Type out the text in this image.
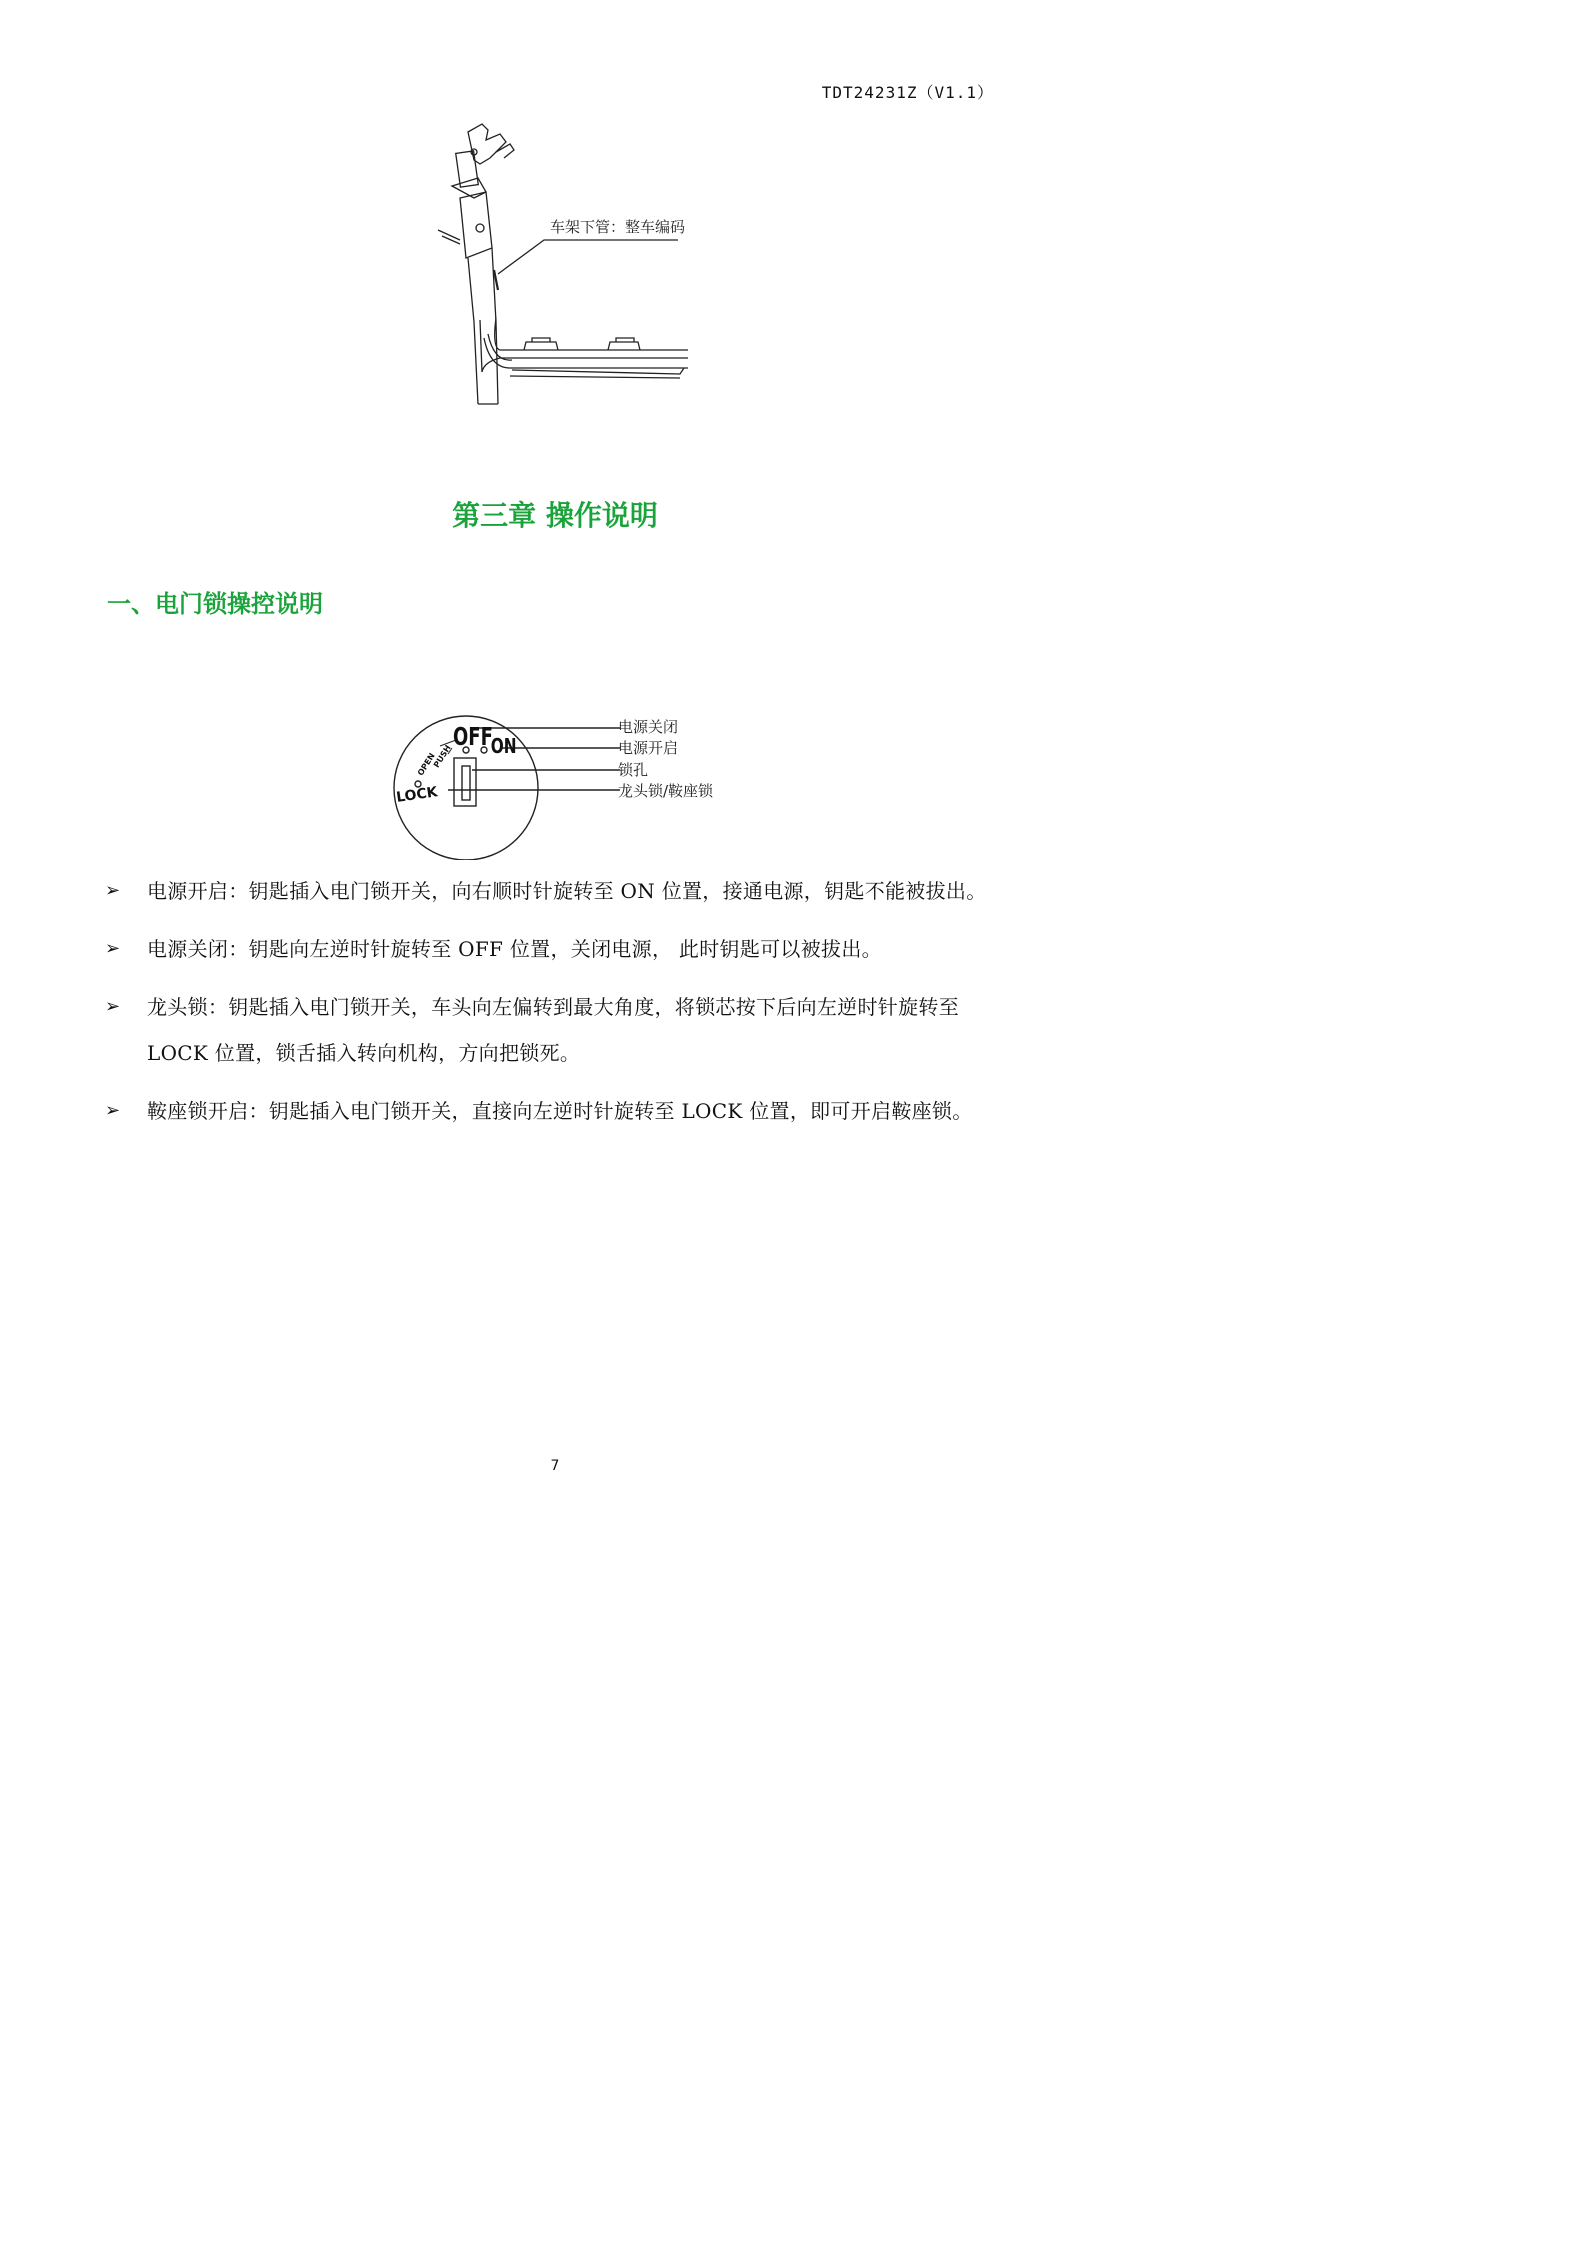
TDT24231Z（V1.1）
车架下管：整车编码
第三章 操作说明
一、电门锁操控说明
OFF
ON
LOCK
OPEN
PUSH
电源关闭
电源开启
锁孔
龙头锁/鞍座锁
➢	电源开启：钥匙插入电门锁开关，向右顺时针旋转至 ON 位置，接通电源，钥匙不能被拔出。
➢	电源关闭：钥匙向左逆时针旋转至 OFF 位置，关闭电源， 此时钥匙可以被拔出。
➢	龙头锁：钥匙插入电门锁开关，车头向左偏转到最大角度，将锁芯按下后向左逆时针旋转至 LOCK 位置，锁舌插入转向机构，方向把锁死。
➢	鞍座锁开启：钥匙插入电门锁开关，直接向左逆时针旋转至 LOCK 位置，即可开启鞍座锁。
7
